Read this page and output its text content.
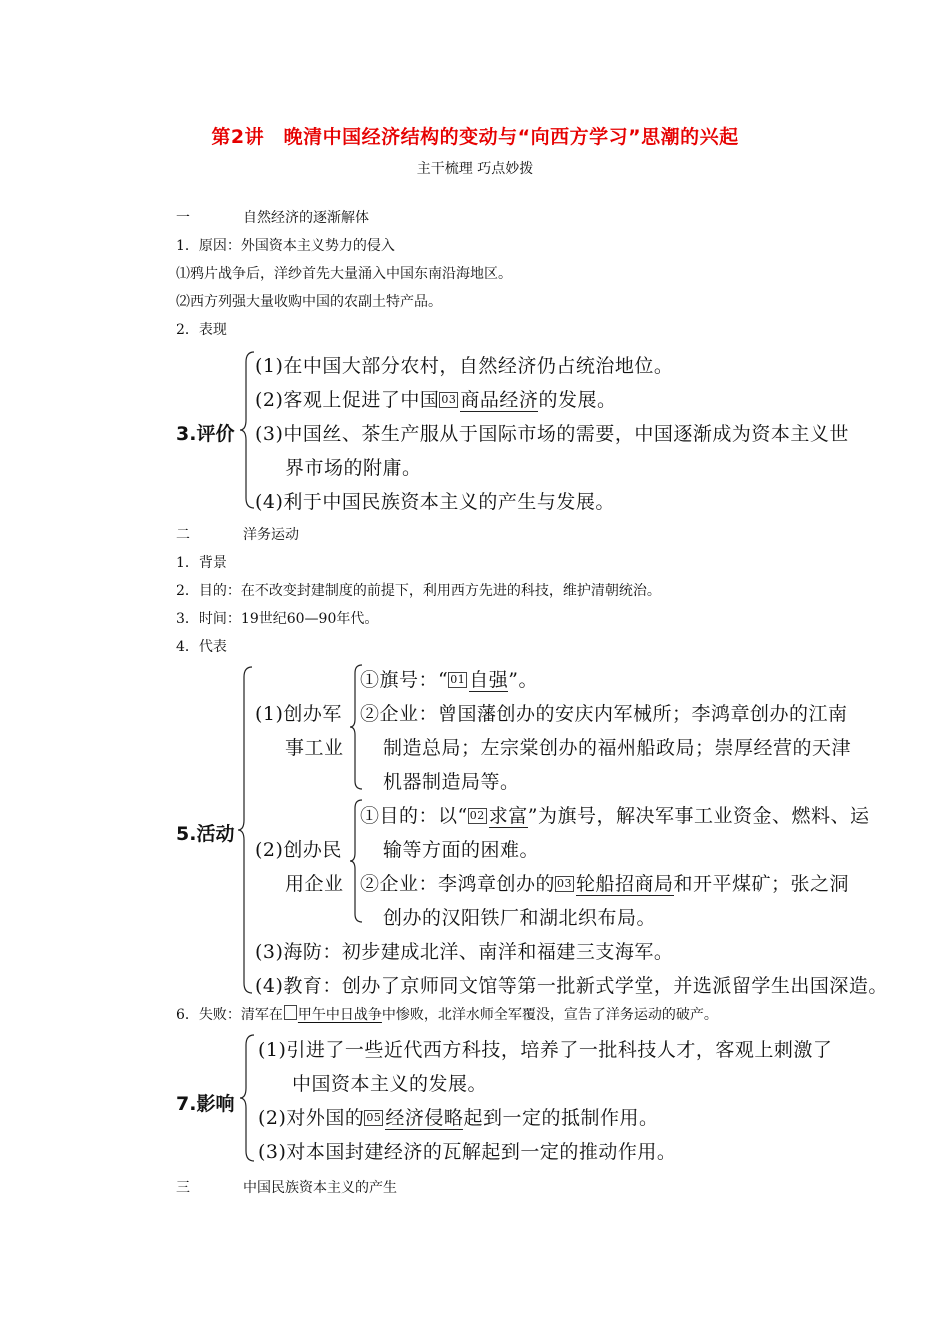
第2讲　晚清中国经济结构的变动与“向西方学习”思潮的兴起
主干梳理 巧点妙拨
一	自然经济的逐渐解体
1．原因：外国资本主义势力的侵入
⑴鸦片战争后，洋纱首先大量涌入中国东南沿海地区。
⑵西方列强大量收购中国的农副土特产品。
2．表现
3.评价
(1)在中国大部分农村，自然经济仍占统治地位。
(2)客观上促进了中国 03 商品经济的发展。
(3)中国丝、茶生产服从于国际市场的需要，中国逐渐成为资本主义世
界市场的附庸。
(4)利于中国民族资本主义的产生与发展。
二	洋务运动
1．背景
2．目的：在不改变封建制度的前提下，利用西方先进的科技，维护清朝统治。
3．时间：19世纪60—90年代。
4．代表
5.活动
(1)创办军
事工业
①旗号：“ 01 自强”。
②企业：曾国藩创办的安庆内军械所；李鸿章创办的江南
制造总局；左宗棠创办的福州船政局；崇厚经营的天津
机器制造局等。
(2)创办民
用企业
①目的：以“ 02 求富”为旗号，解决军事工业资金、燃料、运
输等方面的困难。
②企业：李鸿章创办的 03 轮船招商局和开平煤矿；张之洞
创办的汉阳铁厂和湖北织布局。
(3)海防：初步建成北洋、南洋和福建三支海军。
(4)教育：创办了京师同文馆等第一批新式学堂，并选派留学生出国深造。
6．失败：清军在 甲午中日战争中惨败，北洋水师全军覆没，宣告了洋务运动的破产。
7.影响
(1)引进了一些近代西方科技，培养了一批科技人才，客观上刺激了
中国资本主义的发展。
(2)对外国的 05 经济侵略起到一定的抵制作用。
(3)对本国封建经济的瓦解起到一定的推动作用。
三	中国民族资本主义的产生
